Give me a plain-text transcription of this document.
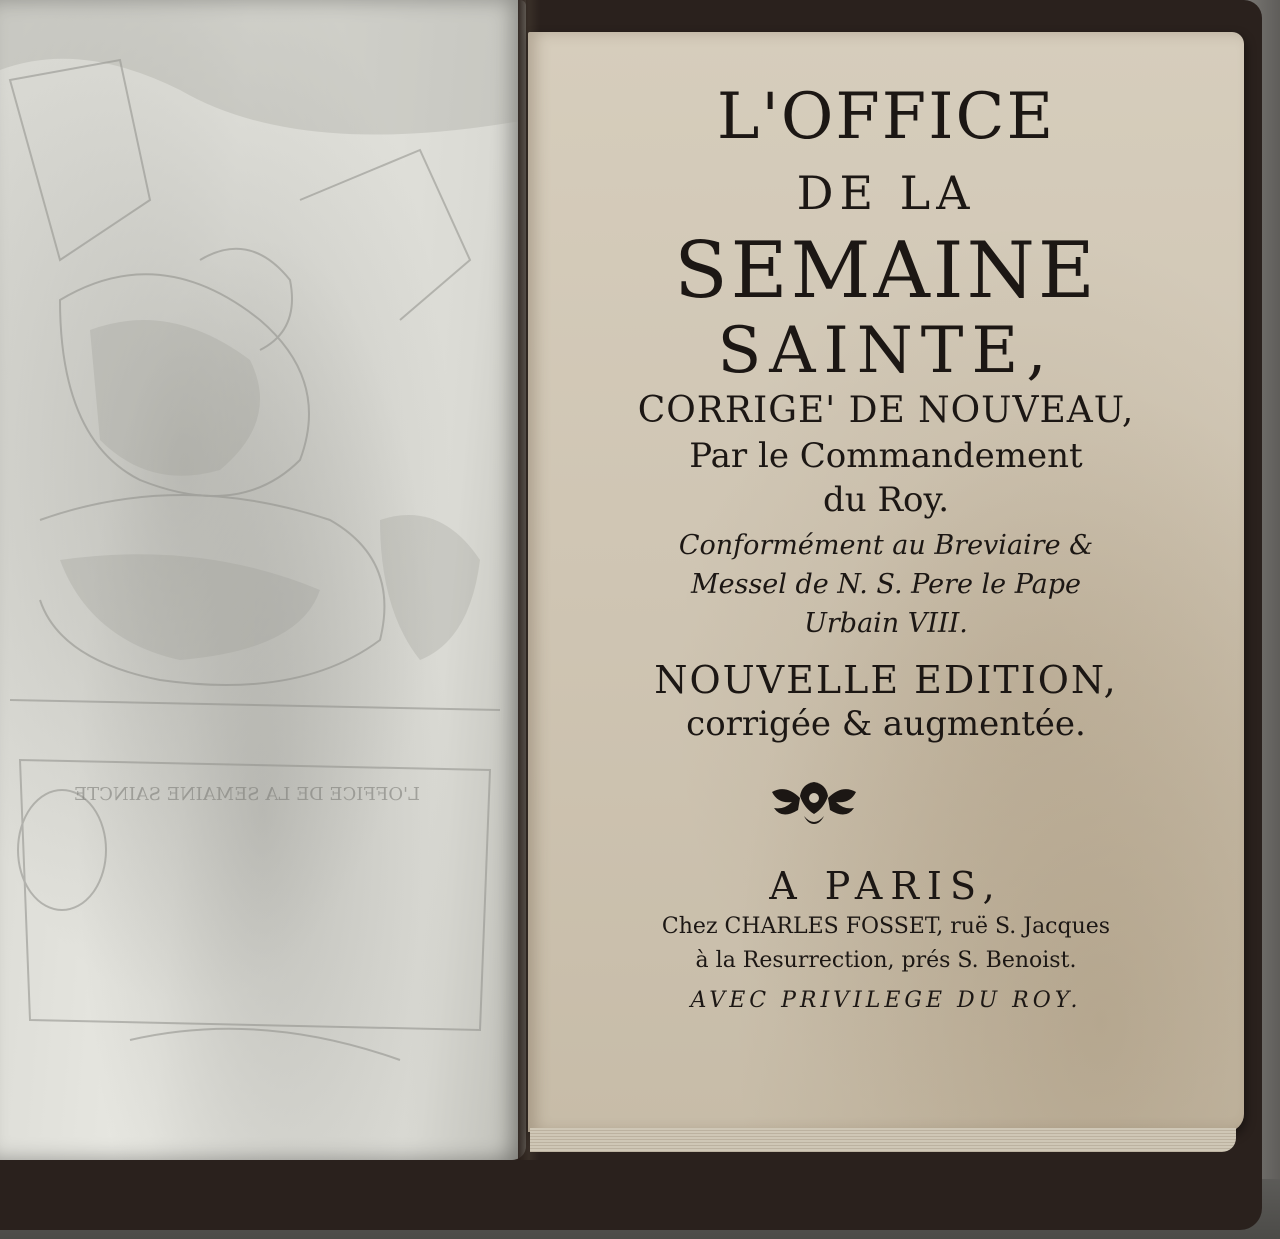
L'OFFICE DE LA SEMAINE SAINCTE
L'OFFICE
DE LA
SEMAINE
SAINTE,
CORRIGE' DE NOUVEAU,
Par le Commandement
du Roy.
Conformément au Breviaire &
Messel de N. S. Pere le Pape
Urbain VIII.
NOUVELLE EDITION,
corrigée & augmentée.
A PARIS,
Chez CHARLES FOSSET, ruë S. Jacques
à la Resurrection, prés S. Benoist.
AVEC PRIVILEGE DU ROY.
